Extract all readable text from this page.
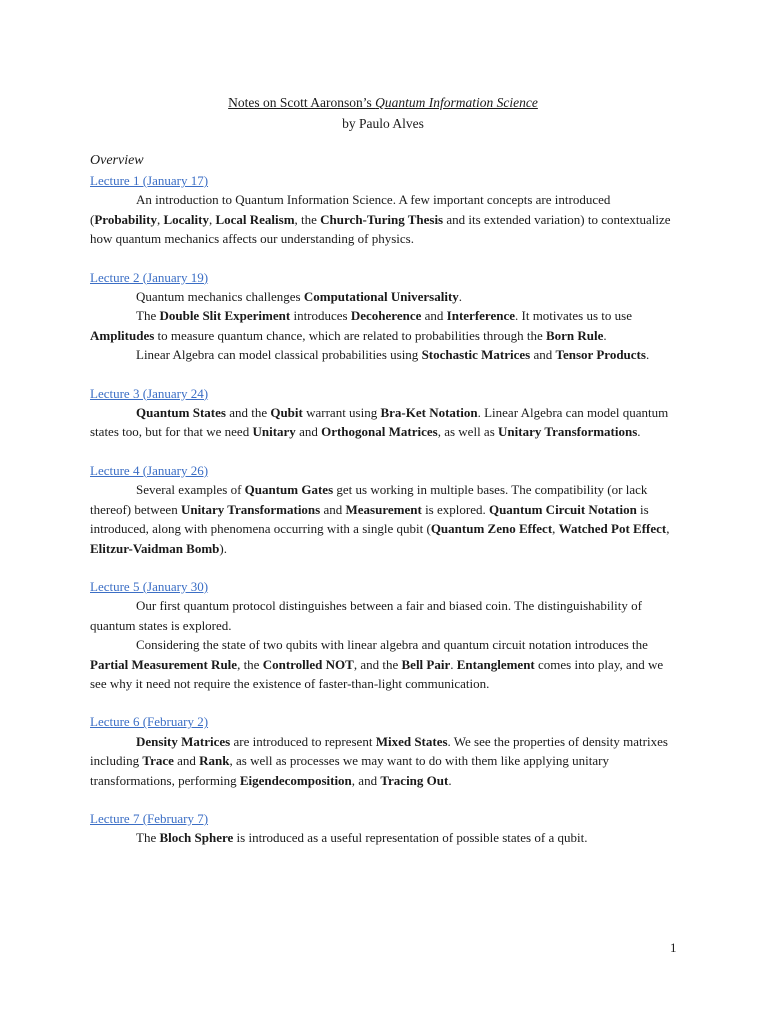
Notes on Scott Aaronson’s Quantum Information Science
by Paulo Alves
Overview
Lecture 1 (January 17)

An introduction to Quantum Information Science. A few important concepts are introduced (Probability, Locality, Local Realism, the Church-Turing Thesis and its extended variation) to contextualize how quantum mechanics affects our understanding of physics.

Lecture 2 (January 19)

Quantum mechanics challenges Computational Universality.

The Double Slit Experiment introduces Decoherence and Interference. It motivates us to use Amplitudes to measure quantum chance, which are related to probabilities through the Born Rule.

Linear Algebra can model classical probabilities using Stochastic Matrices and Tensor Products.

Lecture 3 (January 24)

Quantum States and the Qubit warrant using Bra-Ket Notation. Linear Algebra can model quantum states too, but for that we need Unitary and Orthogonal Matrices, as well as Unitary Transformations.

Lecture 4 (January 26)

Several examples of Quantum Gates get us working in multiple bases. The compatibility (or lack thereof) between Unitary Transformations and Measurement is explored. Quantum Circuit Notation is introduced, along with phenomena occurring with a single qubit (Quantum Zeno Effect, Watched Pot Effect, Elitzur-Vaidman Bomb).

Lecture 5 (January 30)

Our first quantum protocol distinguishes between a fair and biased coin. The distinguishability of quantum states is explored.

Considering the state of two qubits with linear algebra and quantum circuit notation introduces the Partial Measurement Rule, the Controlled NOT, and the Bell Pair. Entanglement comes into play, and we see why it need not require the existence of faster-than-light communication.

Lecture 6 (February 2)

Density Matrices are introduced to represent Mixed States. We see the properties of density matrixes including Trace and Rank, as well as processes we may want to do with them like applying unitary transformations, performing Eigendecomposition, and Tracing Out.

Lecture 7 (February 7)

The Bloch Sphere is introduced as a useful representation of possible states of a qubit.

1
